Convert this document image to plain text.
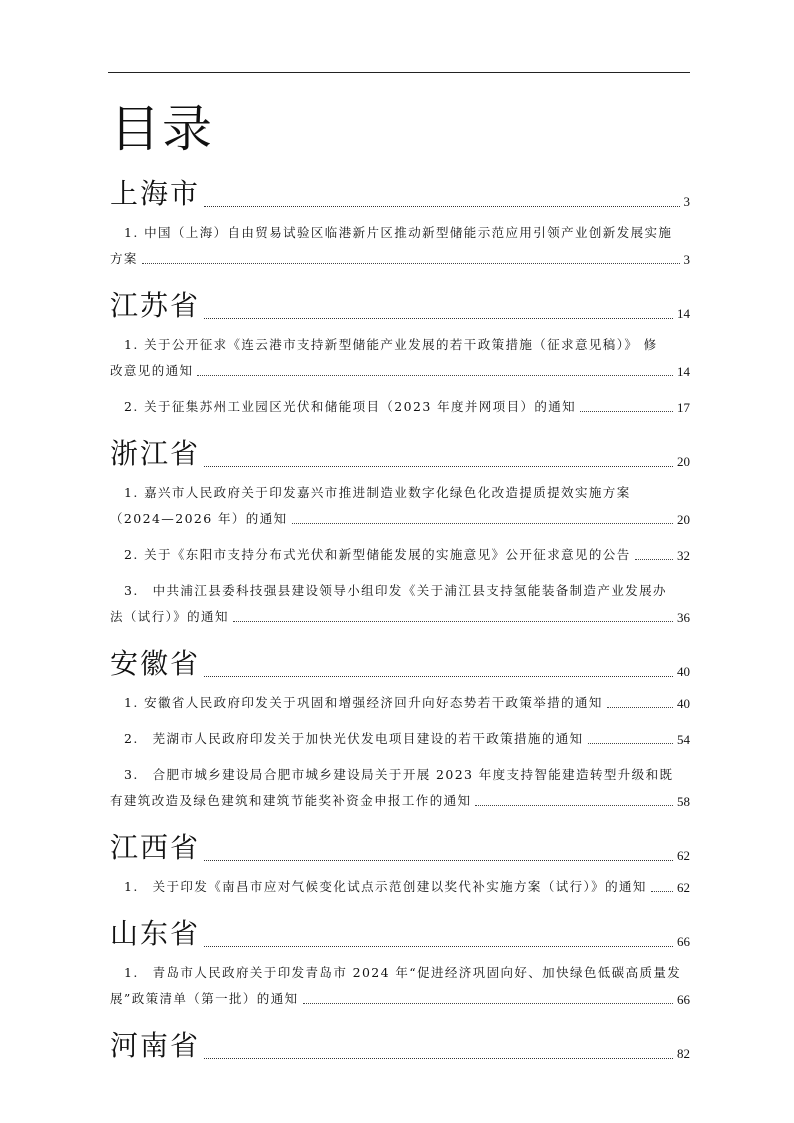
目录
上海市	3
1. 中国（上海）自由贸易试验区临港新片区推动新型储能示范应用引领产业创新发展实施
方案	3
江苏省	14
1. 关于公开征求《连云港市支持新型储能产业发展的若干政策措施（征求意见稿）》 修
改意见的通知	14
2. 关于征集苏州工业园区光伏和储能项目（2023 年度并网项目）的通知	17
浙江省	20
1. 嘉兴市人民政府关于印发嘉兴市推进制造业数字化绿色化改造提质提效实施方案
（2024—2026 年）的通知	20
2. 关于《东阳市支持分布式光伏和新型储能发展的实施意见》公开征求意见的公告	32
3.　中共浦江县委科技强县建设领导小组印发《关于浦江县支持氢能装备制造产业发展办
法（试行）》的通知	36
安徽省	40
1. 安徽省人民政府印发关于巩固和增强经济回升向好态势若干政策举措的通知	40
2.　芜湖市人民政府印发关于加快光伏发电项目建设的若干政策措施的通知	54
3.　合肥市城乡建设局合肥市城乡建设局关于开展 2023 年度支持智能建造转型升级和既
有建筑改造及绿色建筑和建筑节能奖补资金申报工作的通知	58
江西省	62
1.　关于印发《南昌市应对气候变化试点示范创建以奖代补实施方案（试行）》的通知 62
山东省	66
1.　青岛市人民政府关于印发青岛市 2024 年“促进经济巩固向好、加快绿色低碳高质量发
展”政策清单（第一批）的通知	66
河南省	82
